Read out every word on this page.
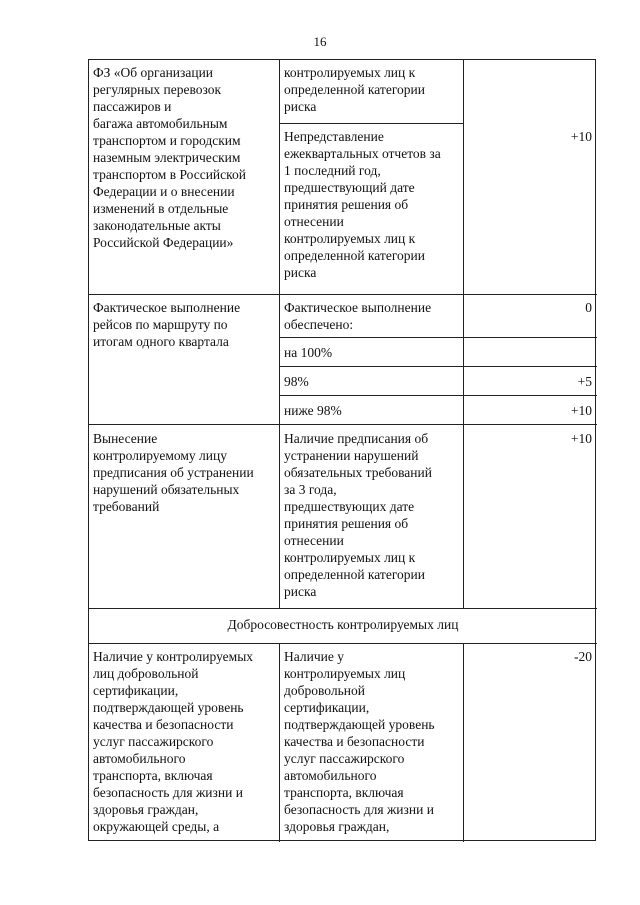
16
ФЗ «Об организации
регулярных перевозок
пассажиров и
багажа автомобильным
транспортом и городским
наземным электрическим
транспортом в Российской
Федерации и о внесении
изменений в отдельные
законодательные акты
Российской Федерации»
контролируемых лиц к
определенной категории
риска
Непредставление
ежеквартальных отчетов за
1 последний год,
предшествующий дате
принятия решения об
отнесении
контролируемых лиц к
определенной категории
риска
+10
Фактическое выполнение
рейсов по маршруту по
итогам одного квартала
Фактическое выполнение
обеспечено:
0
на 100%
98%	+5
ниже 98%	+10
Вынесение
контролируемому лицу
предписания об устранении
нарушений обязательных
требований
Наличие предписания об
устранении нарушений
обязательных требований
за 3 года,
предшествующих дате
принятия решения об
отнесении
контролируемых лиц к
определенной категории
риска
+10
Добросовестность контролируемых лиц
Наличие у контролируемых
лиц добровольной
сертификации,
подтверждающей уровень
качества и безопасности
услуг пассажирского
автомобильного
транспорта, включая
безопасность для жизни и
здоровья граждан,
окружающей среды, а
Наличие у
контролируемых лиц
добровольной
сертификации,
подтверждающей уровень
качества и безопасности
услуг пассажирского
автомобильного
транспорта, включая
безопасность для жизни и
здоровья граждан,
-20
